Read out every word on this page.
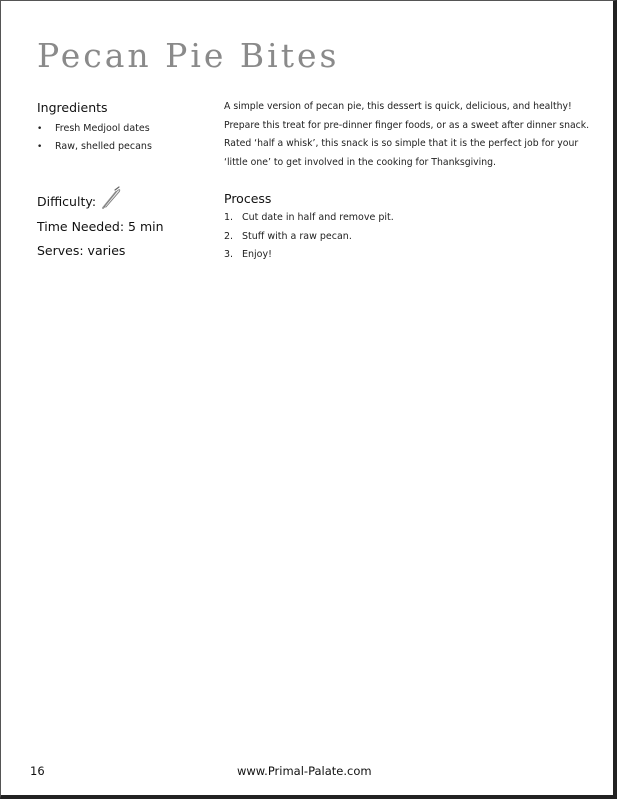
Pecan Pie Bites
Ingredients
• Fresh Medjool dates
• Raw, shelled pecans
Difficulty:
Time Needed: 5 min
Serves: varies

A simple version of pecan pie, this dessert is quick, delicious, and healthy!

Prepare this treat for pre-dinner finger foods, or as a sweet after dinner snack.

Rated ‘half a whisk’, this snack is so simple that it is the perfect job for your

‘little one’ to get involved in the cooking for Thanksgiving.

Process
1. Cut date in half and remove pit.
2. Stuff with a raw pecan.
3. Enjoy!
16	www.Primal-Palate.com
